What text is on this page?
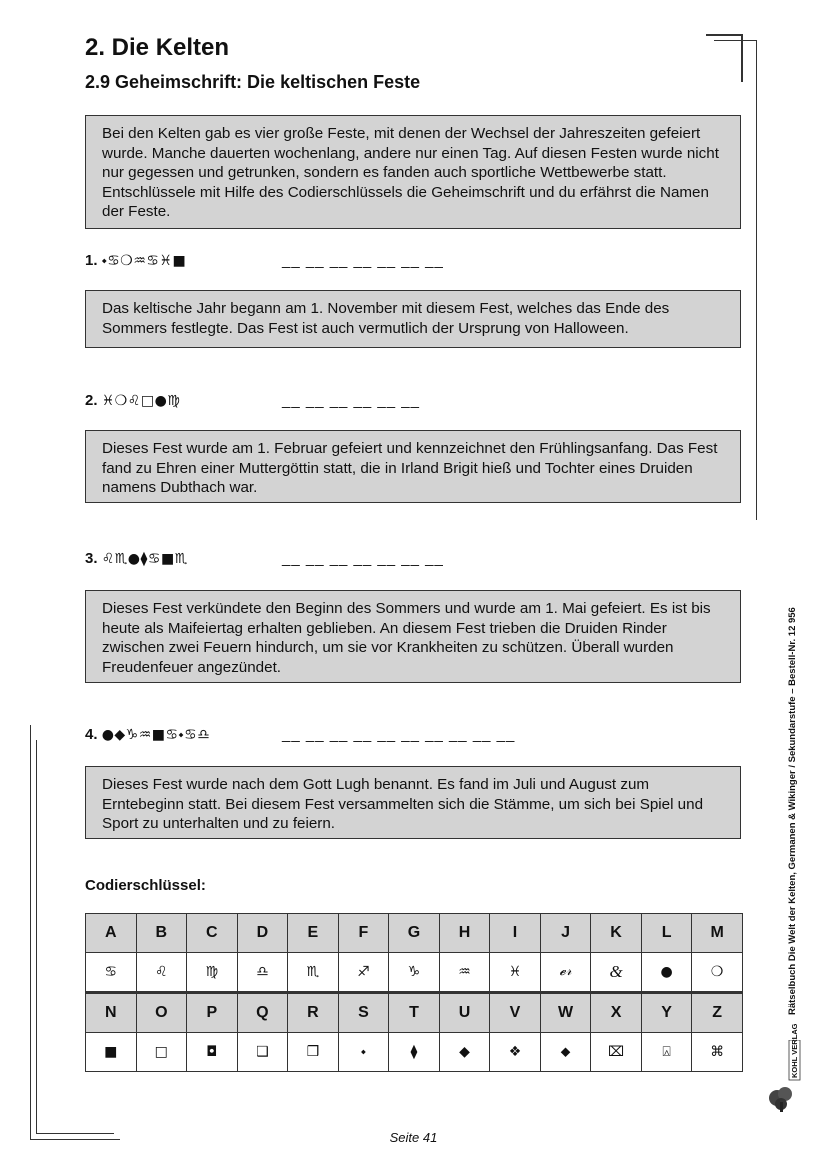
2. Die Kelten
2.9 Geheimschrift: Die keltischen Feste
Bei den Kelten gab es vier große Feste, mit denen der Wechsel der Jahreszeiten gefeiert wurde. Manche dauerten wochenlang, andere nur einen Tag. Auf diesen Festen wurde nicht nur gegessen und getrunken, sondern es fanden auch sportliche Wettbewerbe statt. Entschlüssele mit Hilfe des Codierschlüssels die Geheimschrift und du erfährst die Namen der Feste.
1. ⬩♋❍♒♋♓■	__ __ __ __ __ __ __
Das keltische Jahr begann am 1. November mit diesem Fest, welches das Ende des Sommers festlegte. Das Fest ist auch vermutlich der Ursprung von Halloween.
2. ♓❍♌□●♍	__ __ __ __ __ __
Dieses Fest wurde am 1. Februar gefeiert und kennzeichnet den Frühlingsanfang. Das Fest fand zu Ehren einer Muttergöttin statt, die in Irland Brigit hieß und Tochter eines Druiden namens Dubthach war.
3. ♌♏●⧫♋■♏	__ __ __ __ __ __ __
Dieses Fest verkündete den Beginn des Sommers und wurde am 1. Mai gefeiert. Es ist bis heute als Maifeiertag erhalten geblieben. An diesem Fest trieben die Druiden Rinder zwischen zwei Feuern hindurch, um sie vor Krankheiten zu schützen. Überall wurden Freudenfeuer angezündet.
4. ●◆♑♒■♋⬩♋♎	__ __ __ __ __ __ __ __ __ __
Dieses Fest wurde nach dem Gott Lugh benannt. Es fand im Juli und August zum Erntebeginn statt. Bei diesem Fest versammelten sich die Stämme, um sich bei Spiel und Sport zu unterhalten und zu feiern.

Codierschlüssel:

A	B	C	D	E	F	G	H	I	J	K	L	M
♋	♌	♍	♎	♏	♐	♑	♒	♓	𝓮𝓇	&	●	❍
N	O	P	Q	R	S	T	U	V	W	X	Y	Z
■	□	◘	❑	❒	⬩	⧫	◆	❖	⬥	⌧	⍓	⌘
Rätselbuch Die Welt der Kelten, Germanen & Wikinger / Sekundarstufe – Bestell-Nr. 12 956
KOHL VERLAG
Seite 41
